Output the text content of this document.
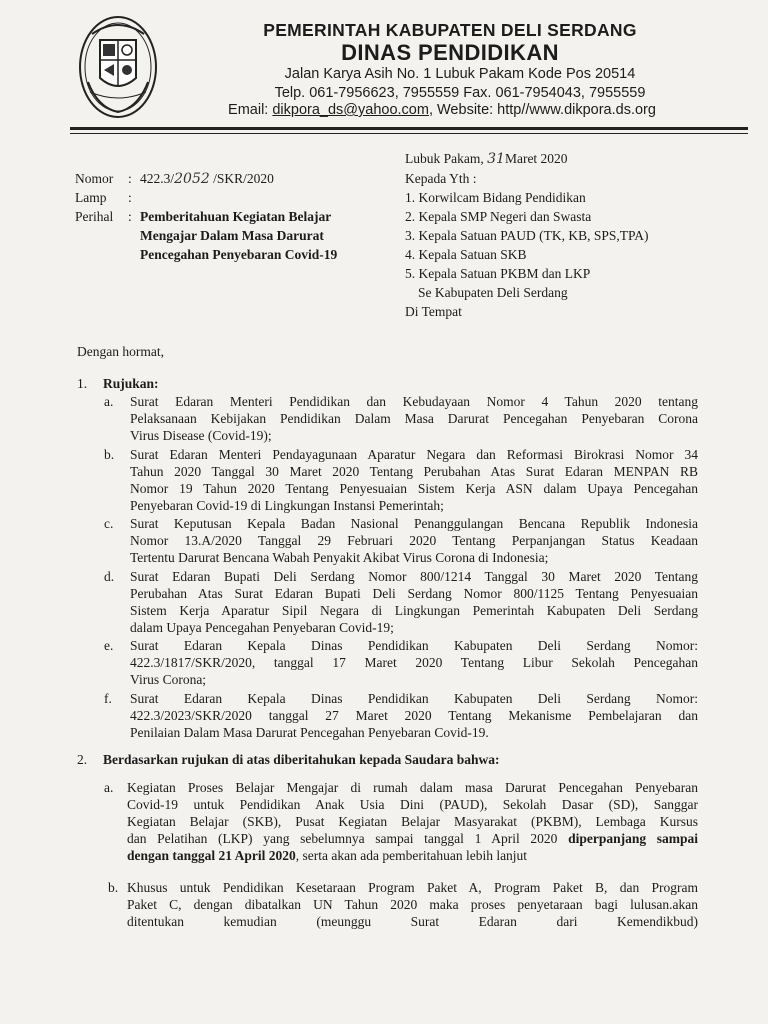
PEMERINTAH KABUPATEN DELI SERDANG
DINAS PENDIDIKAN
Jalan Karya Asih No. 1 Lubuk Pakam Kode Pos 20514
Telp. 061-7956623, 7955559 Fax. 061-7954043, 7955559
Email: dikpora_ds@yahoo.com, Website: http//www.dikpora.ds.org
Lubuk Pakam, 31Maret 2020
Kepada Yth :
1. Korwilcam Bidang Pendidikan
2. Kepala SMP Negeri dan Swasta
3. Kepala Satuan PAUD (TK, KB, SPS,TPA)
4. Kepala Satuan SKB
5. Kepala Satuan PKBM dan LKP
Se Kabupaten Deli Serdang
Di Tempat
Nomor	: 422.3/2052 /SKR/2020
Lamp	:
Perihal	: Pemberitahuan Kegiatan Belajar
Mengajar Dalam Masa Darurat
Pencegahan Penyebaran Covid-19
Dengan hormat,
1. Rujukan:
a. Surat Edaran Menteri Pendidikan dan Kebudayaan Nomor 4 Tahun 2020 tentang
Pelaksanaan Kebijakan Pendidikan Dalam Masa Darurat Pencegahan Penyebaran Corona
Virus Disease (Covid-19);
b. Surat Edaran Menteri Pendayagunaan Aparatur Negara dan Reformasi Birokrasi Nomor 34
Tahun 2020 Tanggal 30 Maret 2020 Tentang Perubahan Atas Surat Edaran MENPAN RB
Nomor 19 Tahun 2020 Tentang Penyesuaian Sistem Kerja ASN dalam Upaya Pencegahan
Penyebaran Covid-19 di Lingkungan Instansi Pemerintah;
c. Surat Keputusan Kepala Badan Nasional Penanggulangan Bencana Republik Indonesia
Nomor 13.A/2020 Tanggal 29 Februari 2020 Tentang Perpanjangan Status Keadaan
Tertentu Darurat Bencana Wabah Penyakit Akibat Virus Corona di Indonesia;
d. Surat Edaran Bupati Deli Serdang Nomor 800/1214 Tanggal 30 Maret 2020 Tentang
Perubahan Atas Surat Edaran Bupati Deli Serdang Nomor 800/1125 Tentang Penyesuaian
Sistem Kerja Aparatur Sipil Negara di Lingkungan Pemerintah Kabupaten Deli Serdang
dalam Upaya Pencegahan Penyebaran Covid-19;
e. Surat Edaran Kepala Dinas Pendidikan Kabupaten Deli Serdang Nomor:
422.3/1817/SKR/2020, tanggal 17 Maret 2020 Tentang Libur Sekolah Pencegahan
Virus Corona;
f. Surat Edaran Kepala Dinas Pendidikan Kabupaten Deli Serdang Nomor:
422.3/2023/SKR/2020 tanggal 27 Maret 2020 Tentang Mekanisme Pembelajaran dan
Penilaian Dalam Masa Darurat Pencegahan Penyebaran Covid-19.
2. Berdasarkan rujukan di atas diberitahukan kepada Saudara bahwa:
a. Kegiatan Proses Belajar Mengajar di rumah dalam masa Darurat Pencegahan Penyebaran
Covid-19 untuk Pendidikan Anak Usia Dini (PAUD), Sekolah Dasar (SD), Sanggar
Kegiatan Belajar (SKB), Pusat Kegiatan Belajar Masyarakat (PKBM), Lembaga Kursus
dan Pelatihan (LKP) yang sebelumnya sampai tanggal 1 April 2020 diperpanjang sampai
dengan tanggal 21 April 2020, serta akan ada pemberitahuan lebih lanjut
b. Khusus untuk Pendidikan Kesetaraan Program Paket A, Program Paket B, dan Program
Paket C, dengan dibatalkan UN Tahun 2020 maka proses penyetaraan bagi lulusan.akan
ditentukan kemudian (meunggu Surat Edaran dari Kemendikbud)
